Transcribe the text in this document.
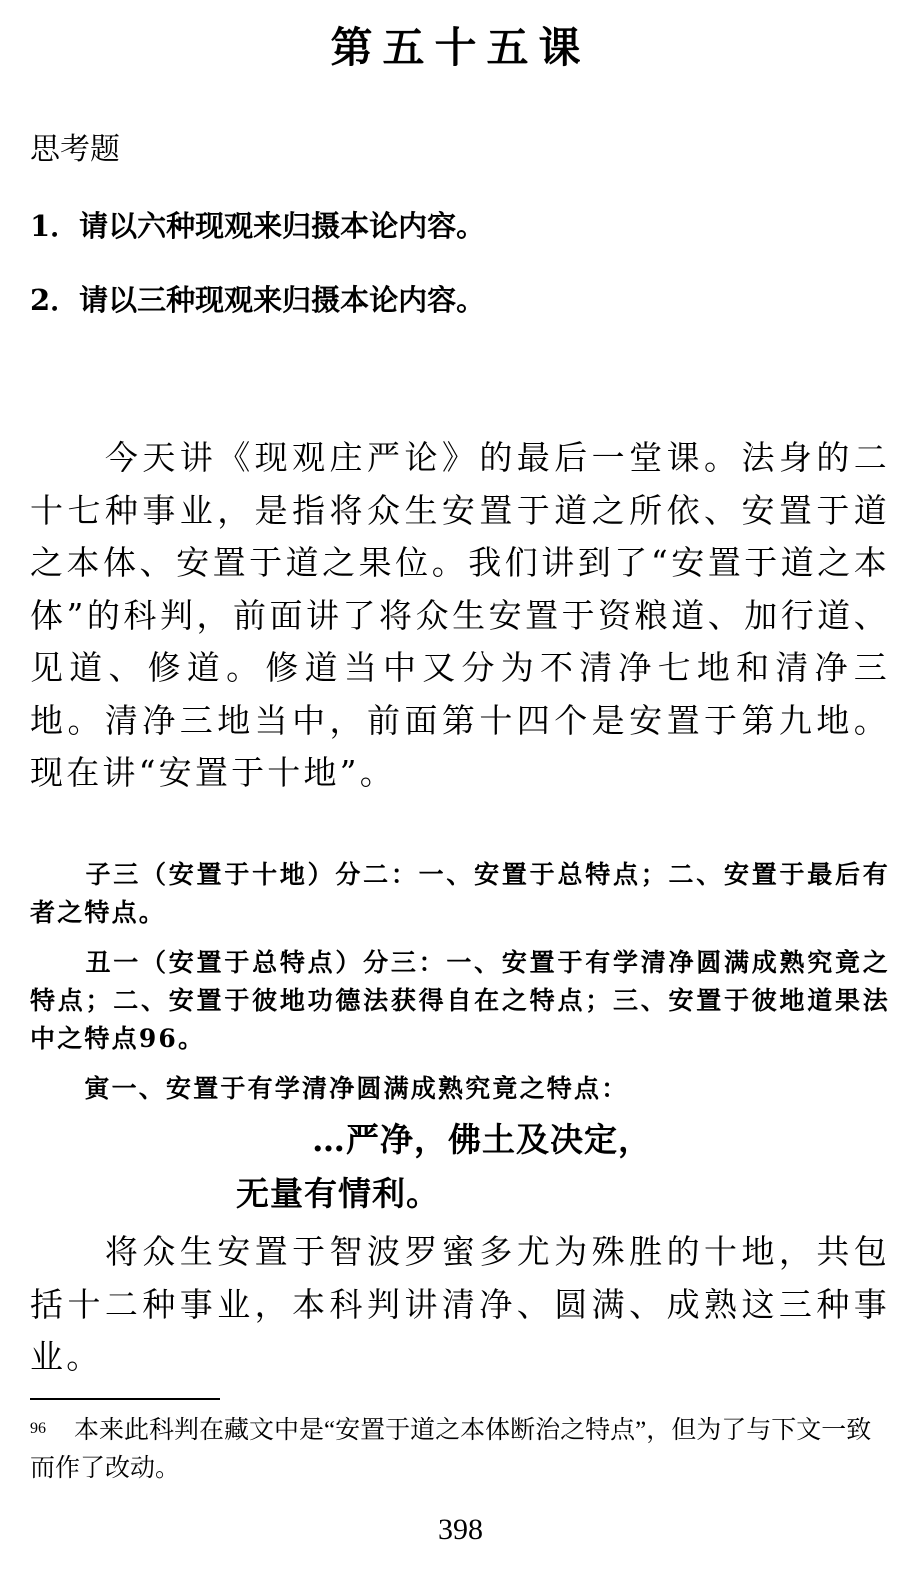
第五十五课
思考题
1．请以六种现观来归摄本论内容。
2．请以三种现观来归摄本论内容。
　　今天讲《现观庄严论》的最后一堂课。法身的二十七种事业，是指将众生安置于道之所依、安置于道之本体、安置于道之果位。我们讲到了“安置于道之本体”的科判，前面讲了将众生安置于资粮道、加行道、见道、修道。修道当中又分为不清净七地和清净三地。清净三地当中，前面第十四个是安置于第九地。现在讲“安置于十地”。
　　子三（安置于十地）分二：一、安置于总特点；二、安置于最后有者之特点。
　　丑一（安置于总特点）分三：一、安置于有学清净圆满成熟究竟之特点；二、安置于彼地功德法获得自在之特点；三、安置于彼地道果法中之特点96。
　　寅一、安置于有学清净圆满成熟究竟之特点：
…严净，佛土及决定，
无量有情利。
　　将众生安置于智波罗蜜多尤为殊胜的十地，共包括十二种事业，本科判讲清净、圆满、成熟这三种事业。
$^{96}$ 本来此科判在藏文中是“安置于道之本体断治之特点”，但为了与下文一致而作了改动。
398
